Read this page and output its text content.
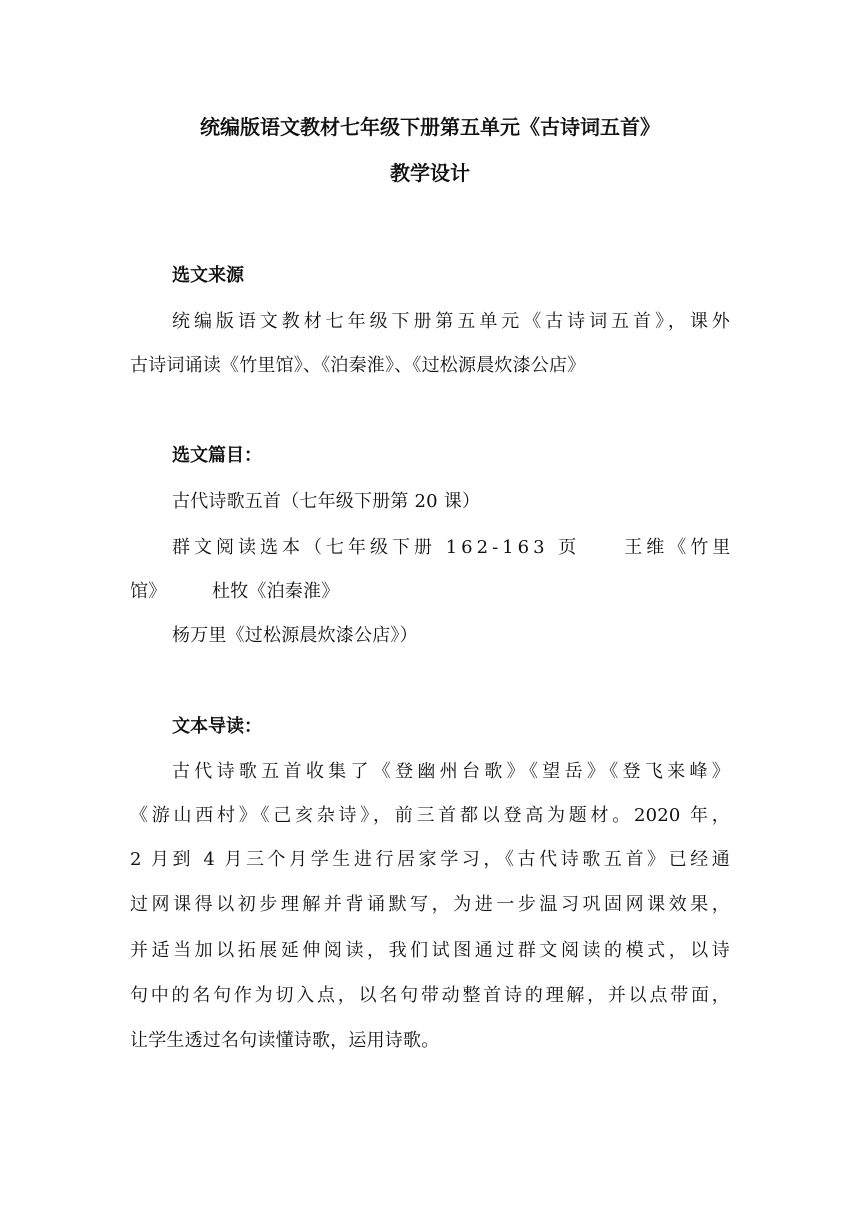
统编版语文教材七年级下册第五单元《古诗词五首》
教学设计
选文来源
统编版语文教材七年级下册第五单元《古诗词五首》，课外
古诗词诵读《竹里馆》、《泊秦淮》、《过松源晨炊漆公店》
选文篇目：
古代诗歌五首（七年级下册第 20 课）
群文阅读选本（七年级下册 162-163 页　　王维《竹里
馆》　　　杜牧《泊秦淮》
杨万里《过松源晨炊漆公店》）
文本导读：
古代诗歌五首收集了《登幽州台歌》《望岳》《登飞来峰》
《游山西村》《己亥杂诗》，前三首都以登高为题材。2020 年，
2 月到 4 月三个月学生进行居家学习，《古代诗歌五首》已经通
过网课得以初步理解并背诵默写，为进一步温习巩固网课效果，
并适当加以拓展延伸阅读，我们试图通过群文阅读的模式，以诗
句中的名句作为切入点，以名句带动整首诗的理解，并以点带面，
让学生透过名句读懂诗歌，运用诗歌。
